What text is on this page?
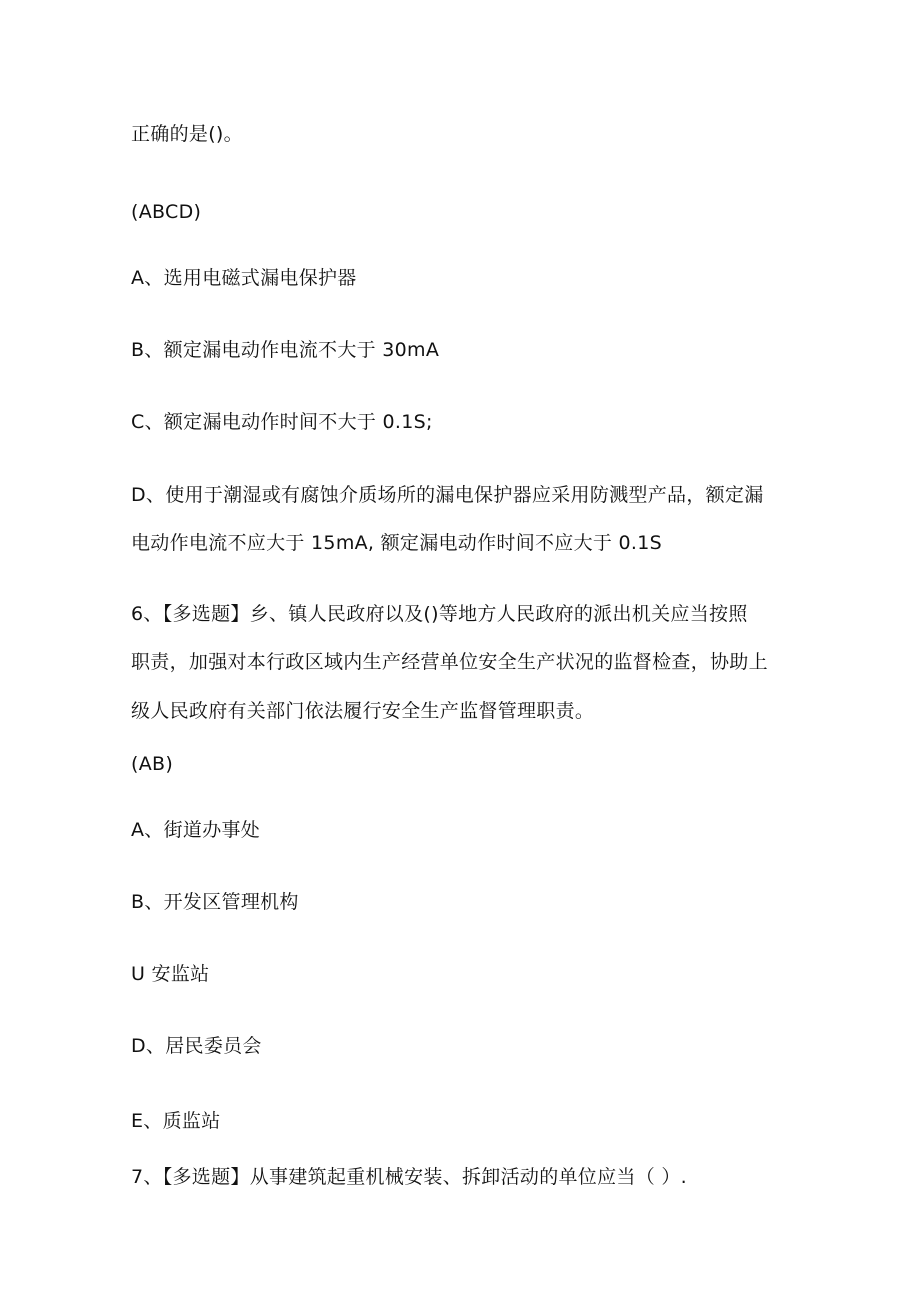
正确的是()。
(ABCD)
A、选用电磁式漏电保护器
B、额定漏电动作电流不大于 30mA
C、额定漏电动作时间不大于 0.1S;
D、使用于潮湿或有腐蚀介质场所的漏电保护器应采用防溅型产品，额定漏
电动作电流不应大于 15mA, 额定漏电动作时间不应大于 0.1S
6、【多选题】乡、镇人民政府以及()等地方人民政府的派出机关应当按照
职责，加强对本行政区域内生产经营单位安全生产状况的监督检查，协助上
级人民政府有关部门依法履行安全生产监督管理职责。
(AB)
A、街道办事处
B、开发区管理机构
U 安监站
D、居民委员会
E、质监站
7、【多选题】从事建筑起重机械安装、拆卸活动的单位应当（ ）.
